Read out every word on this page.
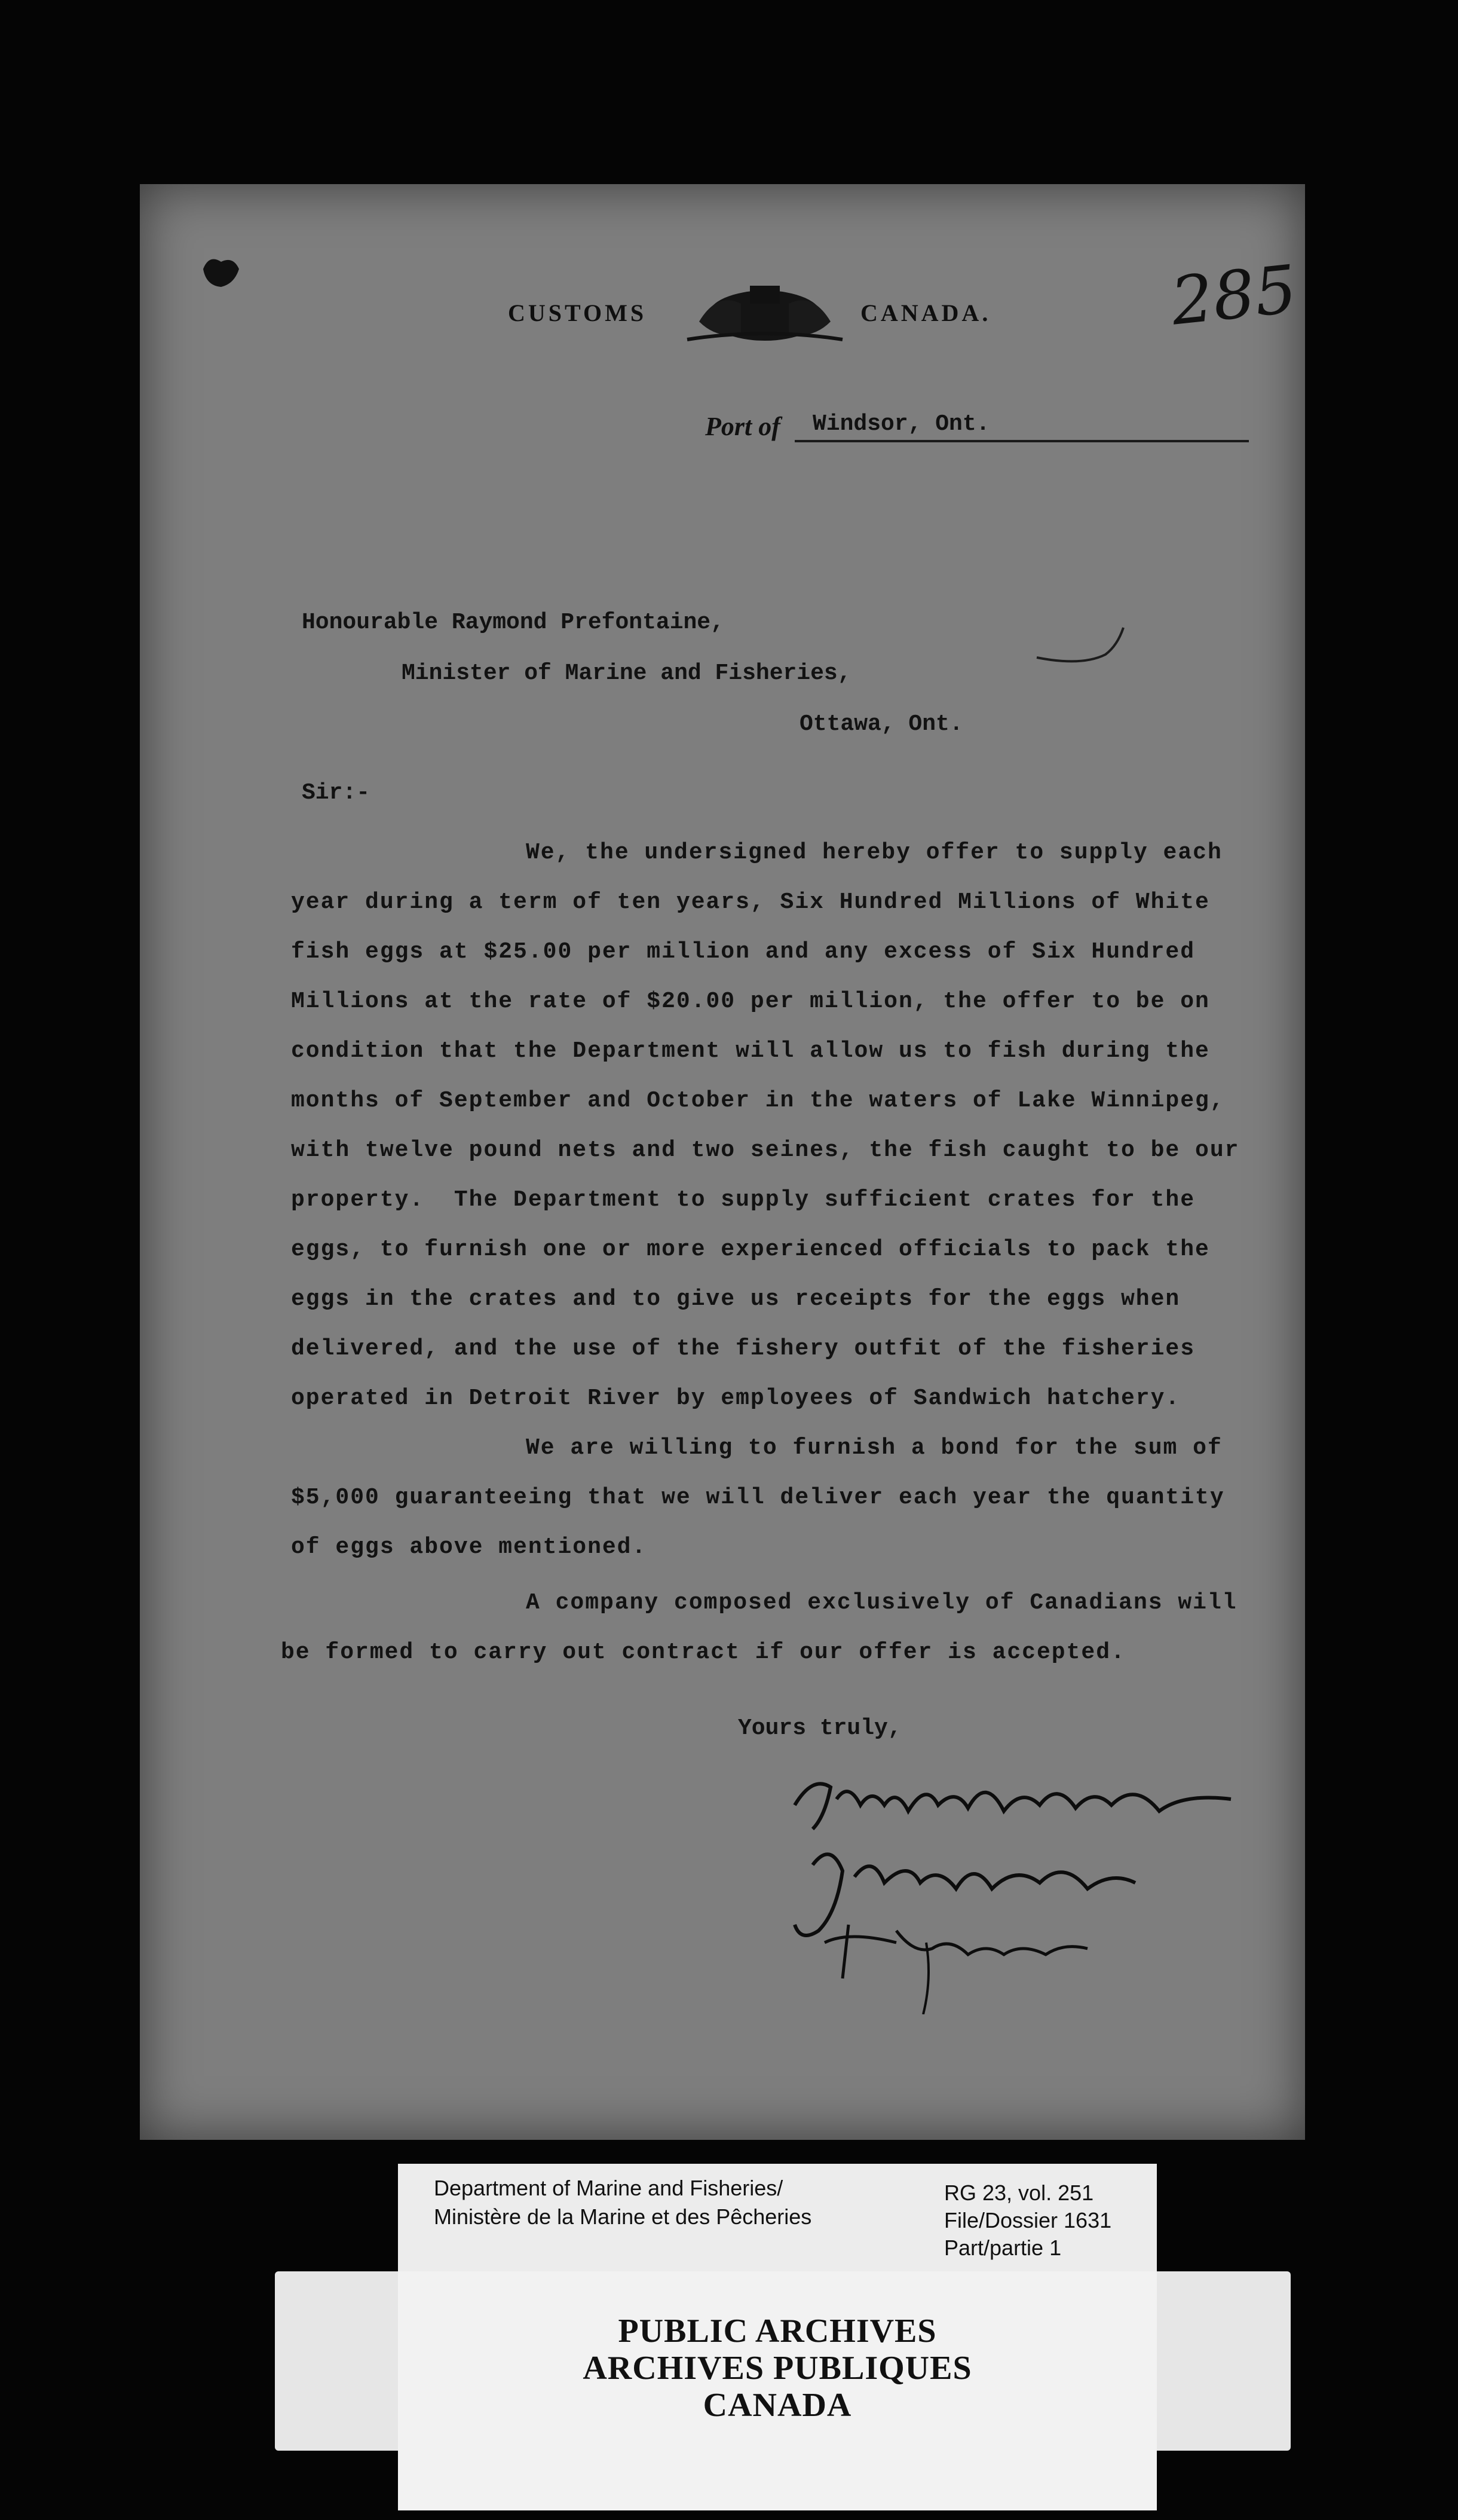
CUSTOMS	CANADA.	285
Port of	Windsor, Ont.
Honourable Raymond Prefontaine,
Minister of Marine and Fisheries,
Ottawa, Ont.
Sir:-
We, the undersigned hereby offer to supply each
year during a term of ten years, Six Hundred Millions of White
fish eggs at $25.00 per million and any excess of Six Hundred
Millions at the rate of $20.00 per million, the offer to be on
condition that the Department will allow us to fish during the
months of September and October in the waters of Lake Winnipeg,
with twelve pound nets and two seines, the fish caught to be our
property.  The Department to supply sufficient crates for the
eggs, to furnish one or more experienced officials to pack the
eggs in the crates and to give us receipts for the eggs when
delivered, and the use of the fishery outfit of the fisheries
operated in Detroit River by employees of Sandwich hatchery.
We are willing to furnish a bond for the sum of
$5,000 guaranteeing that we will deliver each year the quantity
of eggs above mentioned.
A company composed exclusively of Canadians will
be formed to carry out contract if our offer is accepted.
Yours truly,
Department of Marine and Fisheries/
Ministère de la Marine et des Pêcheries
RG 23, vol. 251
File/Dossier 1631
Part/partie 1
PUBLIC ARCHIVES
ARCHIVES PUBLIQUES
CANADA
